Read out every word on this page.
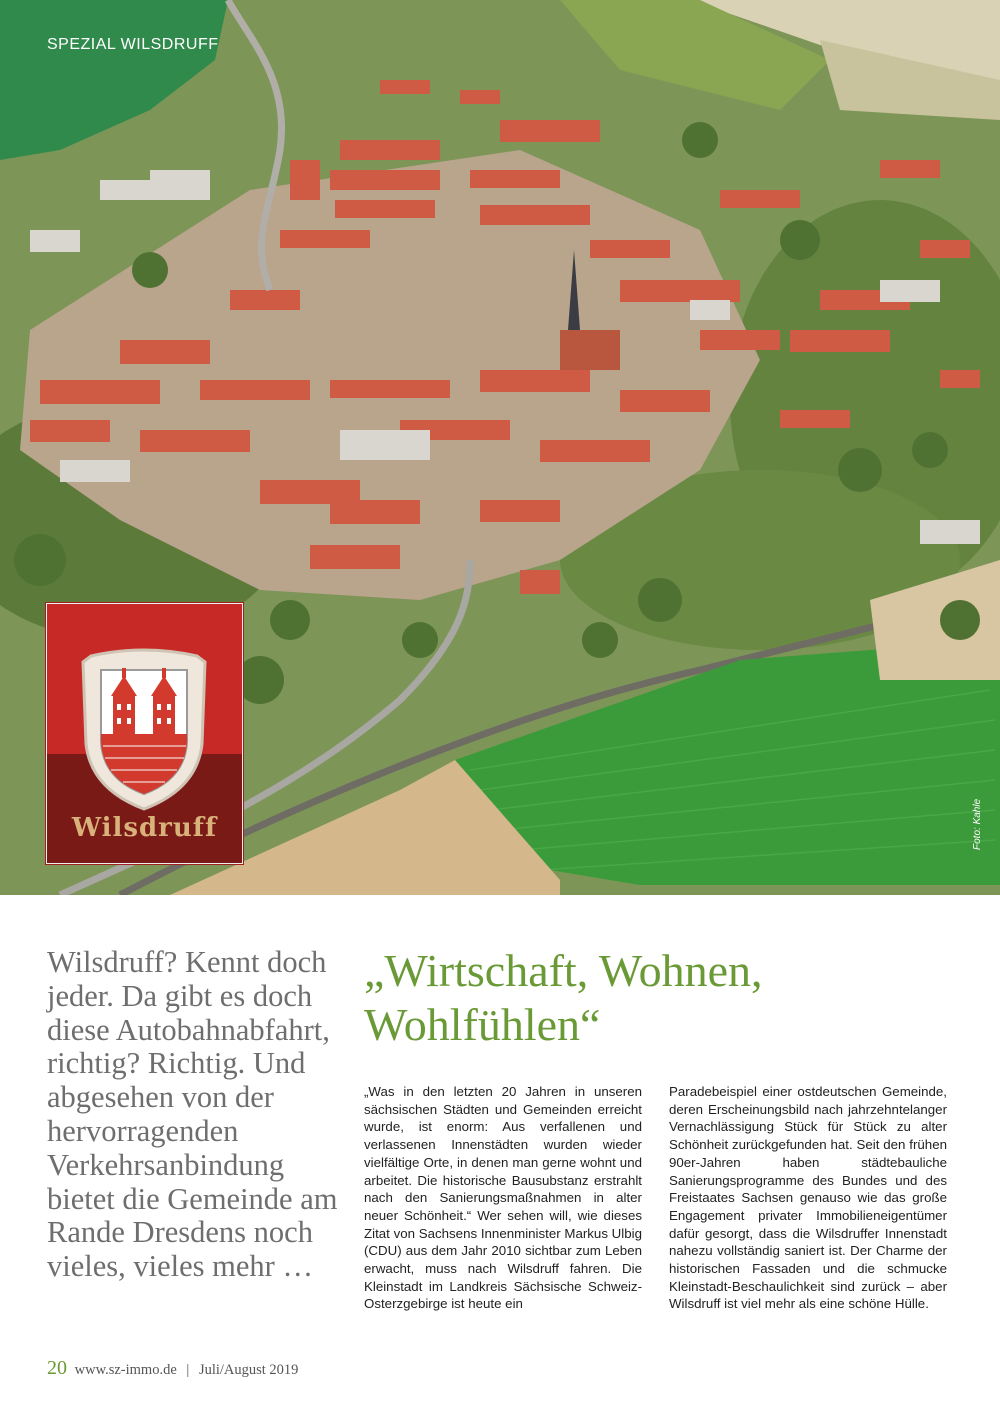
SPEZIAL WILSDRUFF
Foto: Kahle
Wilsdruff
Wilsdruff? Kennt doch jeder. Da gibt es doch diese Autobahnabfahrt, richtig? Richtig. Und abgesehen von der hervorragenden Verkehrsanbindung bietet die Gemeinde am Rande Dresdens noch vieles, vieles mehr …
„Wirtschaft, Wohnen, Wohlfühlen“
„Was in den letzten 20 Jahren in unseren sächsischen Städten und Gemeinden erreicht wurde, ist enorm: Aus verfallenen und verlassenen Innenstädten wurden wieder vielfältige Orte, in denen man gerne wohnt und arbeitet. Die historische Bausubstanz erstrahlt nach den Sanierungsmaßnahmen in alter neuer Schönheit.“ Wer sehen will, wie dieses Zitat von Sachsens Innenminister Markus Ulbig (CDU) aus dem Jahr 2010 sichtbar zum Leben erwacht, muss nach Wilsdruff fahren. Die Kleinstadt im Landkreis Sächsische Schweiz-Osterzgebirge ist heute ein
Paradebeispiel einer ostdeutschen Gemeinde, deren Erscheinungsbild nach jahrzehntelanger Vernachlässigung Stück für Stück zu alter Schönheit zurückgefunden hat. Seit den frühen 90er-Jahren haben städtebauliche Sanierungsprogramme des Bundes und des Freistaates Sachsen genauso wie das große Engagement privater Immobilieneigentümer dafür gesorgt, dass die Wilsdruffer Innenstadt nahezu vollständig saniert ist. Der Charme der historischen Fassaden und die schmucke Kleinstadt-Beschaulichkeit sind zurück – aber Wilsdruff ist viel mehr als eine schöne Hülle.
20 www.sz-immo.de | Juli/August 2019
